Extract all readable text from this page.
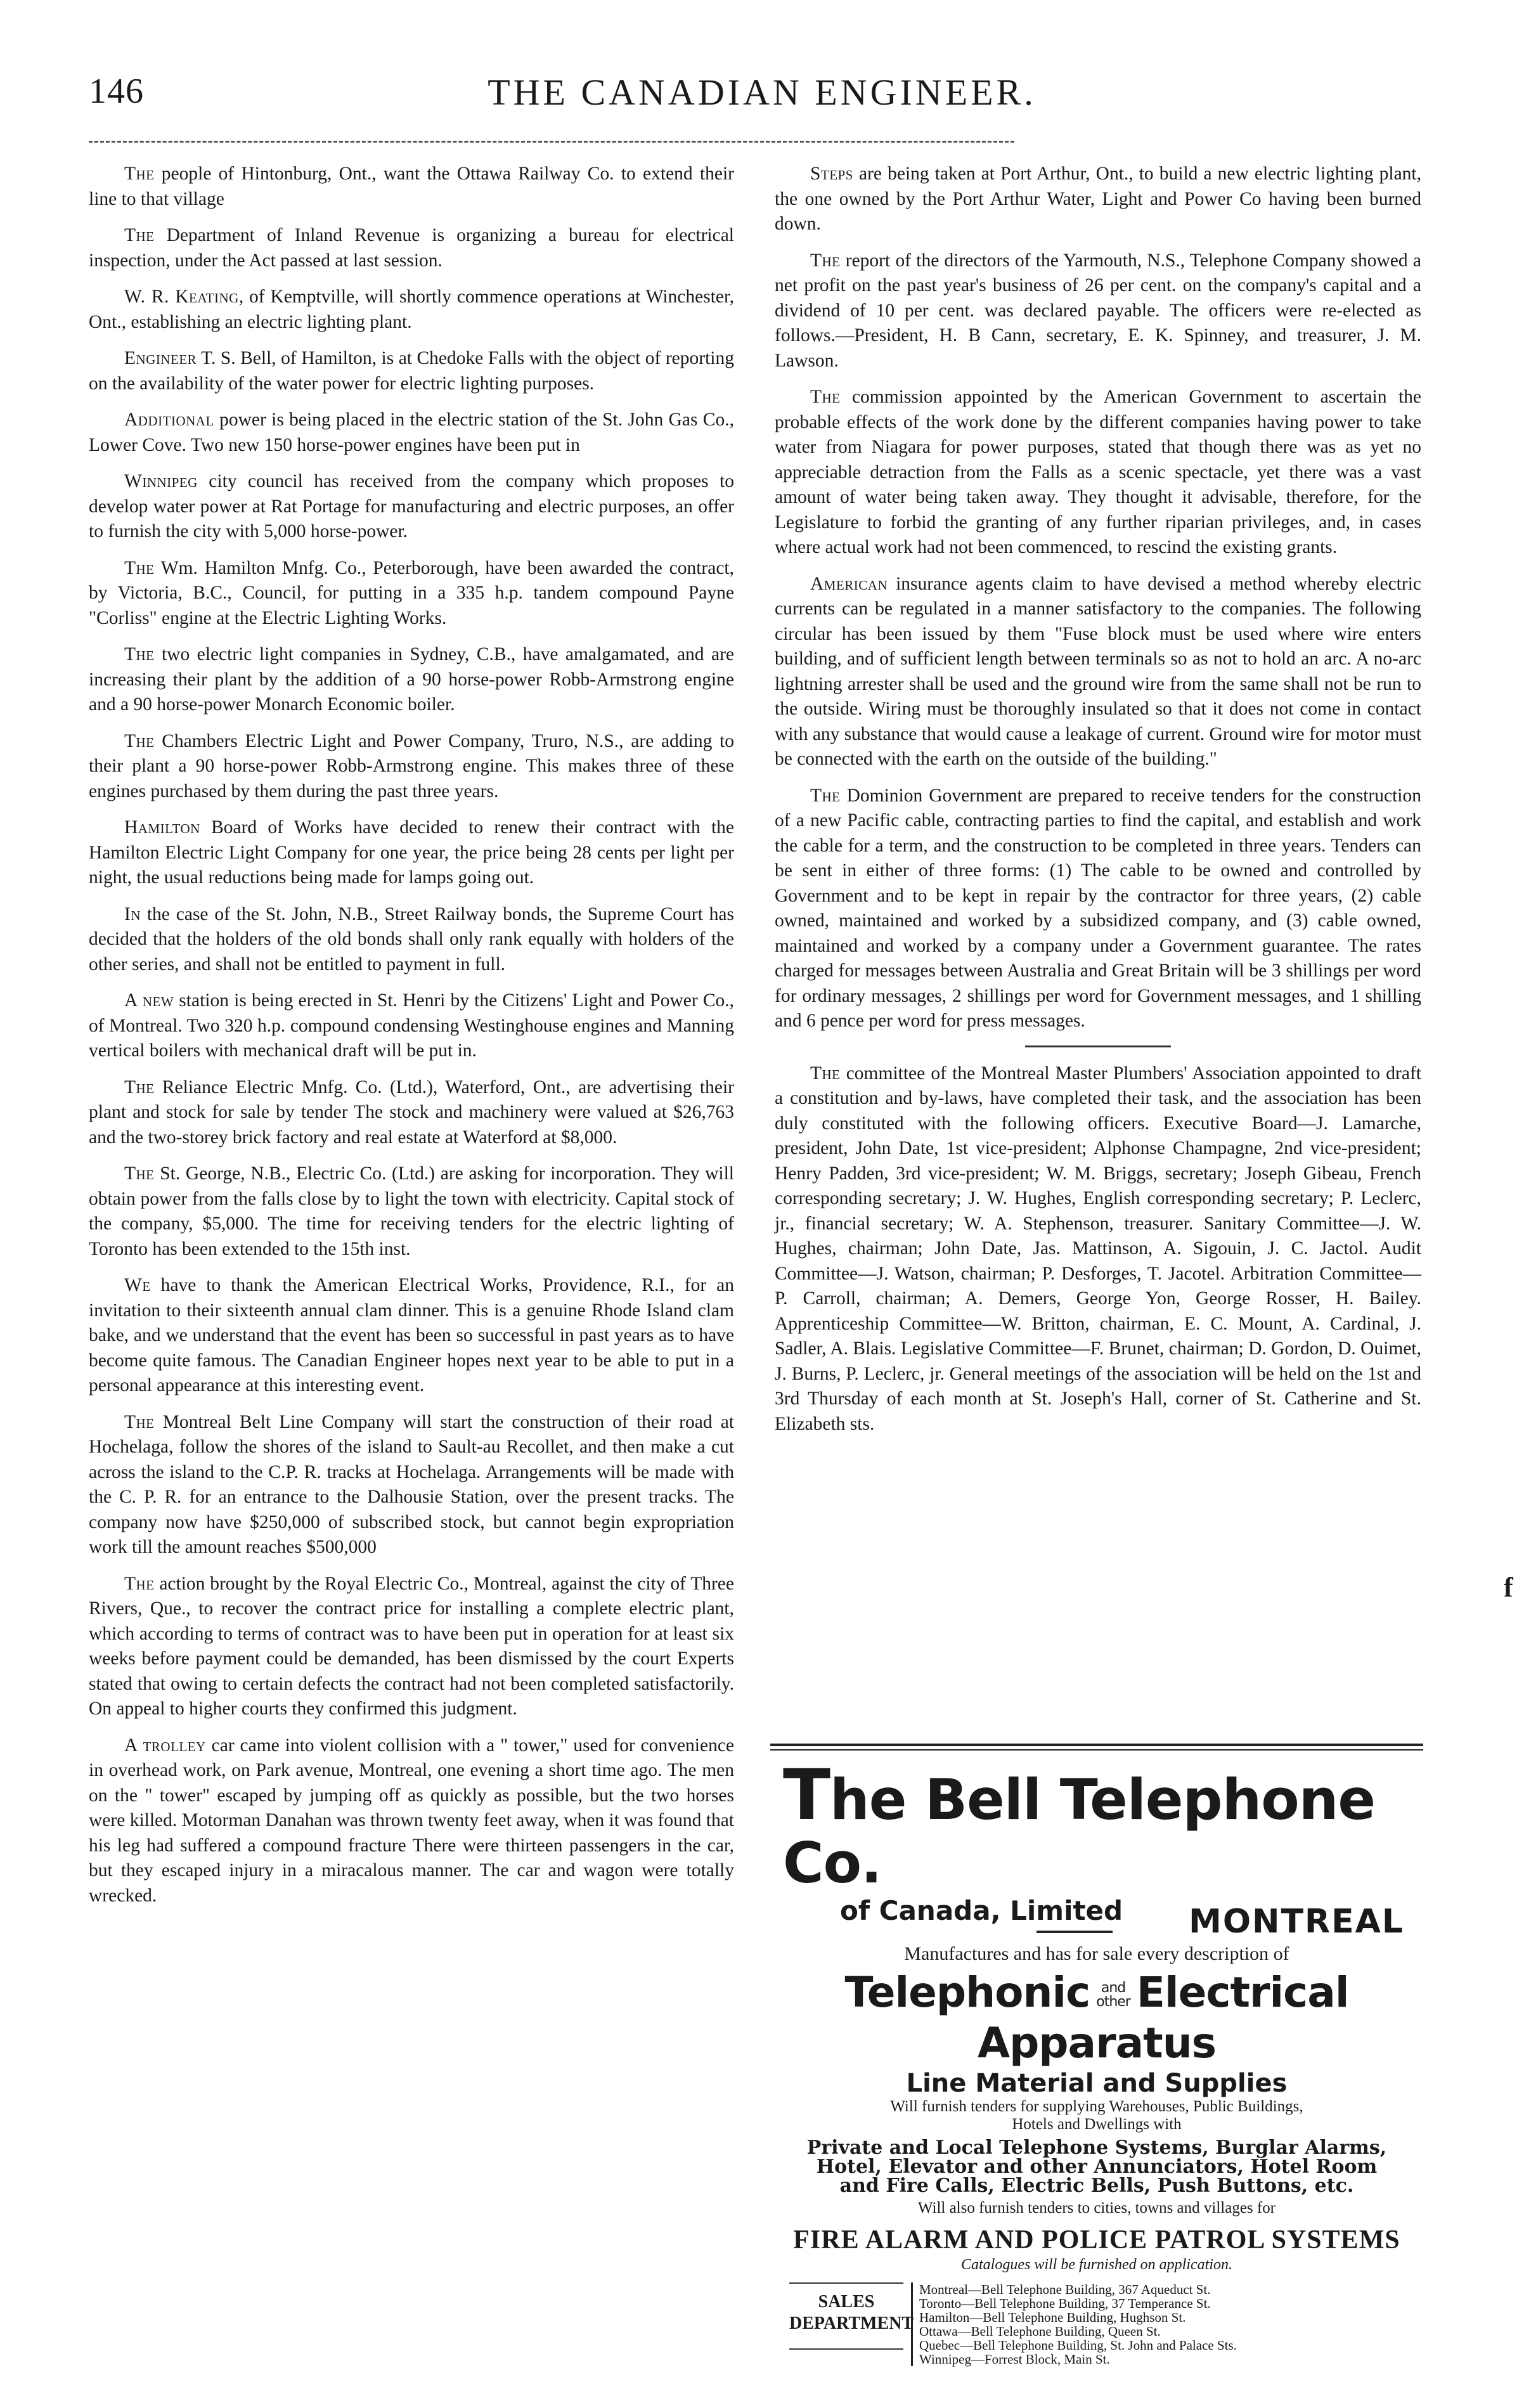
146	THE CANADIAN ENGINEER.

The people of Hintonburg, Ont., want the Ottawa Railway Co. to extend their line to that village

The Department of Inland Revenue is organizing a bureau for electrical inspection, under the Act passed at last session.

W. R. Keating, of Kemptville, will shortly commence operations at Winchester, Ont., establishing an electric lighting plant.

Engineer T. S. Bell, of Hamilton, is at Chedoke Falls with the object of reporting on the availability of the water power for electric lighting purposes.

Additional power is being placed in the electric station of the St. John Gas Co., Lower Cove. Two new 150 horse-power engines have been put in

Winnipeg city council has received from the company which proposes to develop water power at Rat Portage for manufacturing and electric purposes, an offer to furnish the city with 5,000 horse-power.

The Wm. Hamilton Mnfg. Co., Peterborough, have been awarded the contract, by Victoria, B.C., Council, for putting in a 335 h.p. tandem compound Payne "Corliss" engine at the Electric Lighting Works.

The two electric light companies in Sydney, C.B., have amalgamated, and are increasing their plant by the addition of a 90 horse-power Robb-Armstrong engine and a 90 horse-power Monarch Economic boiler.

The Chambers Electric Light and Power Company, Truro, N.S., are adding to their plant a 90 horse-power Robb-Armstrong engine. This makes three of these engines purchased by them during the past three years.

Hamilton Board of Works have decided to renew their contract with the Hamilton Electric Light Company for one year, the price being 28 cents per light per night, the usual reductions being made for lamps going out.

In the case of the St. John, N.B., Street Railway bonds, the Supreme Court has decided that the holders of the old bonds shall only rank equally with holders of the other series, and shall not be entitled to payment in full.

A new station is being erected in St. Henri by the Citizens' Light and Power Co., of Montreal. Two 320 h.p. compound condensing Westinghouse engines and Manning vertical boilers with mechanical draft will be put in.

The Reliance Electric Mnfg. Co. (Ltd.), Waterford, Ont., are advertising their plant and stock for sale by tender The stock and machinery were valued at $26,763 and the two-storey brick factory and real estate at Waterford at $8,000.

The St. George, N.B., Electric Co. (Ltd.) are asking for incorporation. They will obtain power from the falls close by to light the town with electricity. Capital stock of the company, $5,000. The time for receiving tenders for the electric lighting of Toronto has been extended to the 15th inst.

We have to thank the American Electrical Works, Providence, R.I., for an invitation to their sixteenth annual clam dinner. This is a genuine Rhode Island clam bake, and we understand that the event has been so successful in past years as to have become quite famous. The Canadian Engineer hopes next year to be able to put in a personal appearance at this interesting event.

The Montreal Belt Line Company will start the construction of their road at Hochelaga, follow the shores of the island to Sault-au Recollet, and then make a cut across the island to the C.P. R. tracks at Hochelaga. Arrangements will be made with the C. P. R. for an entrance to the Dalhousie Station, over the present tracks. The company now have $250,000 of subscribed stock, but cannot begin expropriation work till the amount reaches $500,000

The action brought by the Royal Electric Co., Montreal, against the city of Three Rivers, Que., to recover the contract price for installing a complete electric plant, which according to terms of contract was to have been put in operation for at least six weeks before payment could be demanded, has been dismissed by the court Experts stated that owing to certain defects the contract had not been completed satisfactorily. On appeal to higher courts they confirmed this judgment.

A trolley car came into violent collision with a " tower," used for convenience in overhead work, on Park avenue, Montreal, one evening a short time ago. The men on the " tower" escaped by jumping off as quickly as possible, but the two horses were killed. Motorman Danahan was thrown twenty feet away, when it was found that his leg had suffered a compound fracture There were thirteen passengers in the car, but they escaped injury in a miracalous manner. The car and wagon were totally wrecked.

Steps are being taken at Port Arthur, Ont., to build a new electric lighting plant, the one owned by the Port Arthur Water, Light and Power Co having been burned down.

The report of the directors of the Yarmouth, N.S., Telephone Company showed a net profit on the past year's business of 26 per cent. on the company's capital and a dividend of 10 per cent. was declared payable. The officers were re-elected as follows.—President, H. B Cann, secretary, E. K. Spinney, and treasurer, J. M. Lawson.

The commission appointed by the American Government to ascertain the probable effects of the work done by the different companies having power to take water from Niagara for power purposes, stated that though there was as yet no appreciable detraction from the Falls as a scenic spectacle, yet there was a vast amount of water being taken away. They thought it advisable, therefore, for the Legislature to forbid the granting of any further riparian privileges, and, in cases where actual work had not been commenced, to rescind the existing grants.

American insurance agents claim to have devised a method whereby electric currents can be regulated in a manner satisfactory to the companies. The following circular has been issued by them "Fuse block must be used where wire enters building, and of sufficient length between terminals so as not to hold an arc. A no-arc lightning arrester shall be used and the ground wire from the same shall not be run to the outside. Wiring must be thoroughly insulated so that it does not come in contact with any substance that would cause a leakage of current. Ground wire for motor must be connected with the earth on the outside of the building."

The Dominion Government are prepared to receive tenders for the construction of a new Pacific cable, contracting parties to find the capital, and establish and work the cable for a term, and the construction to be completed in three years. Tenders can be sent in either of three forms: (1) The cable to be owned and controlled by Government and to be kept in repair by the contractor for three years, (2) cable owned, maintained and worked by a subsidized company, and (3) cable owned, maintained and worked by a company under a Government guarantee. The rates charged for messages between Australia and Great Britain will be 3 shillings per word for ordinary messages, 2 shillings per word for Government messages, and 1 shilling and 6 pence per word for press messages.

The committee of the Montreal Master Plumbers' Association appointed to draft a constitution and by-laws, have completed their task, and the association has been duly constituted with the following officers. Executive Board—J. Lamarche, president, John Date, 1st vice-president; Alphonse Champagne, 2nd vice-president; Henry Padden, 3rd vice-president; W. M. Briggs, secretary; Joseph Gibeau, French corresponding secretary; J. W. Hughes, English corresponding secretary; P. Leclerc, jr., financial secretary; W. A. Stephenson, treasurer. Sanitary Committee—J. W. Hughes, chairman; John Date, Jas. Mattinson, A. Sigouin, J. C. Jactol. Audit Committee—J. Watson, chairman; P. Desforges, T. Jacotel. Arbitration Committee—P. Carroll, chairman; A. Demers, George Yon, George Rosser, H. Bailey. Apprenticeship Committee—W. Britton, chairman, E. C. Mount, A. Cardinal, J. Sadler, A. Blais. Legislative Committee—F. Brunet, chairman; D. Gordon, D. Ouimet, J. Burns, P. Leclerc, jr. General meetings of the association will be held on the 1st and 3rd Thursday of each month at St. Joseph's Hall, corner of St. Catherine and St. Elizabeth sts.

The Bell Telephone Co.
of Canada, Limited MONTREAL
Manufactures and has for sale every description of
Telephonic and
other Electrical Apparatus
Line Material and Supplies
Will furnish tenders for supplying Warehouses, Public Buildings,
Hotels and Dwellings with
Private and Local Telephone Systems, Burglar Alarms,
Hotel, Elevator and other Annunciators, Hotel Room
and Fire Calls, Electric Bells, Push Buttons, etc.
Will also furnish tenders to cities, towns and villages for
FIRE ALARM AND POLICE PATROL SYSTEMS
Catalogues will be furnished on application.
SALES
DEPARTMENT
Montreal—Bell Telephone Building, 367 Aqueduct St.
Toronto—Bell Telephone Building, 37 Temperance St.
Hamilton—Bell Telephone Building, Hughson St.
Ottawa—Bell Telephone Building, Queen St.
Quebec—Bell Telephone Building, St. John and Palace Sts.
Winnipeg—Forrest Block, Main St.
f
